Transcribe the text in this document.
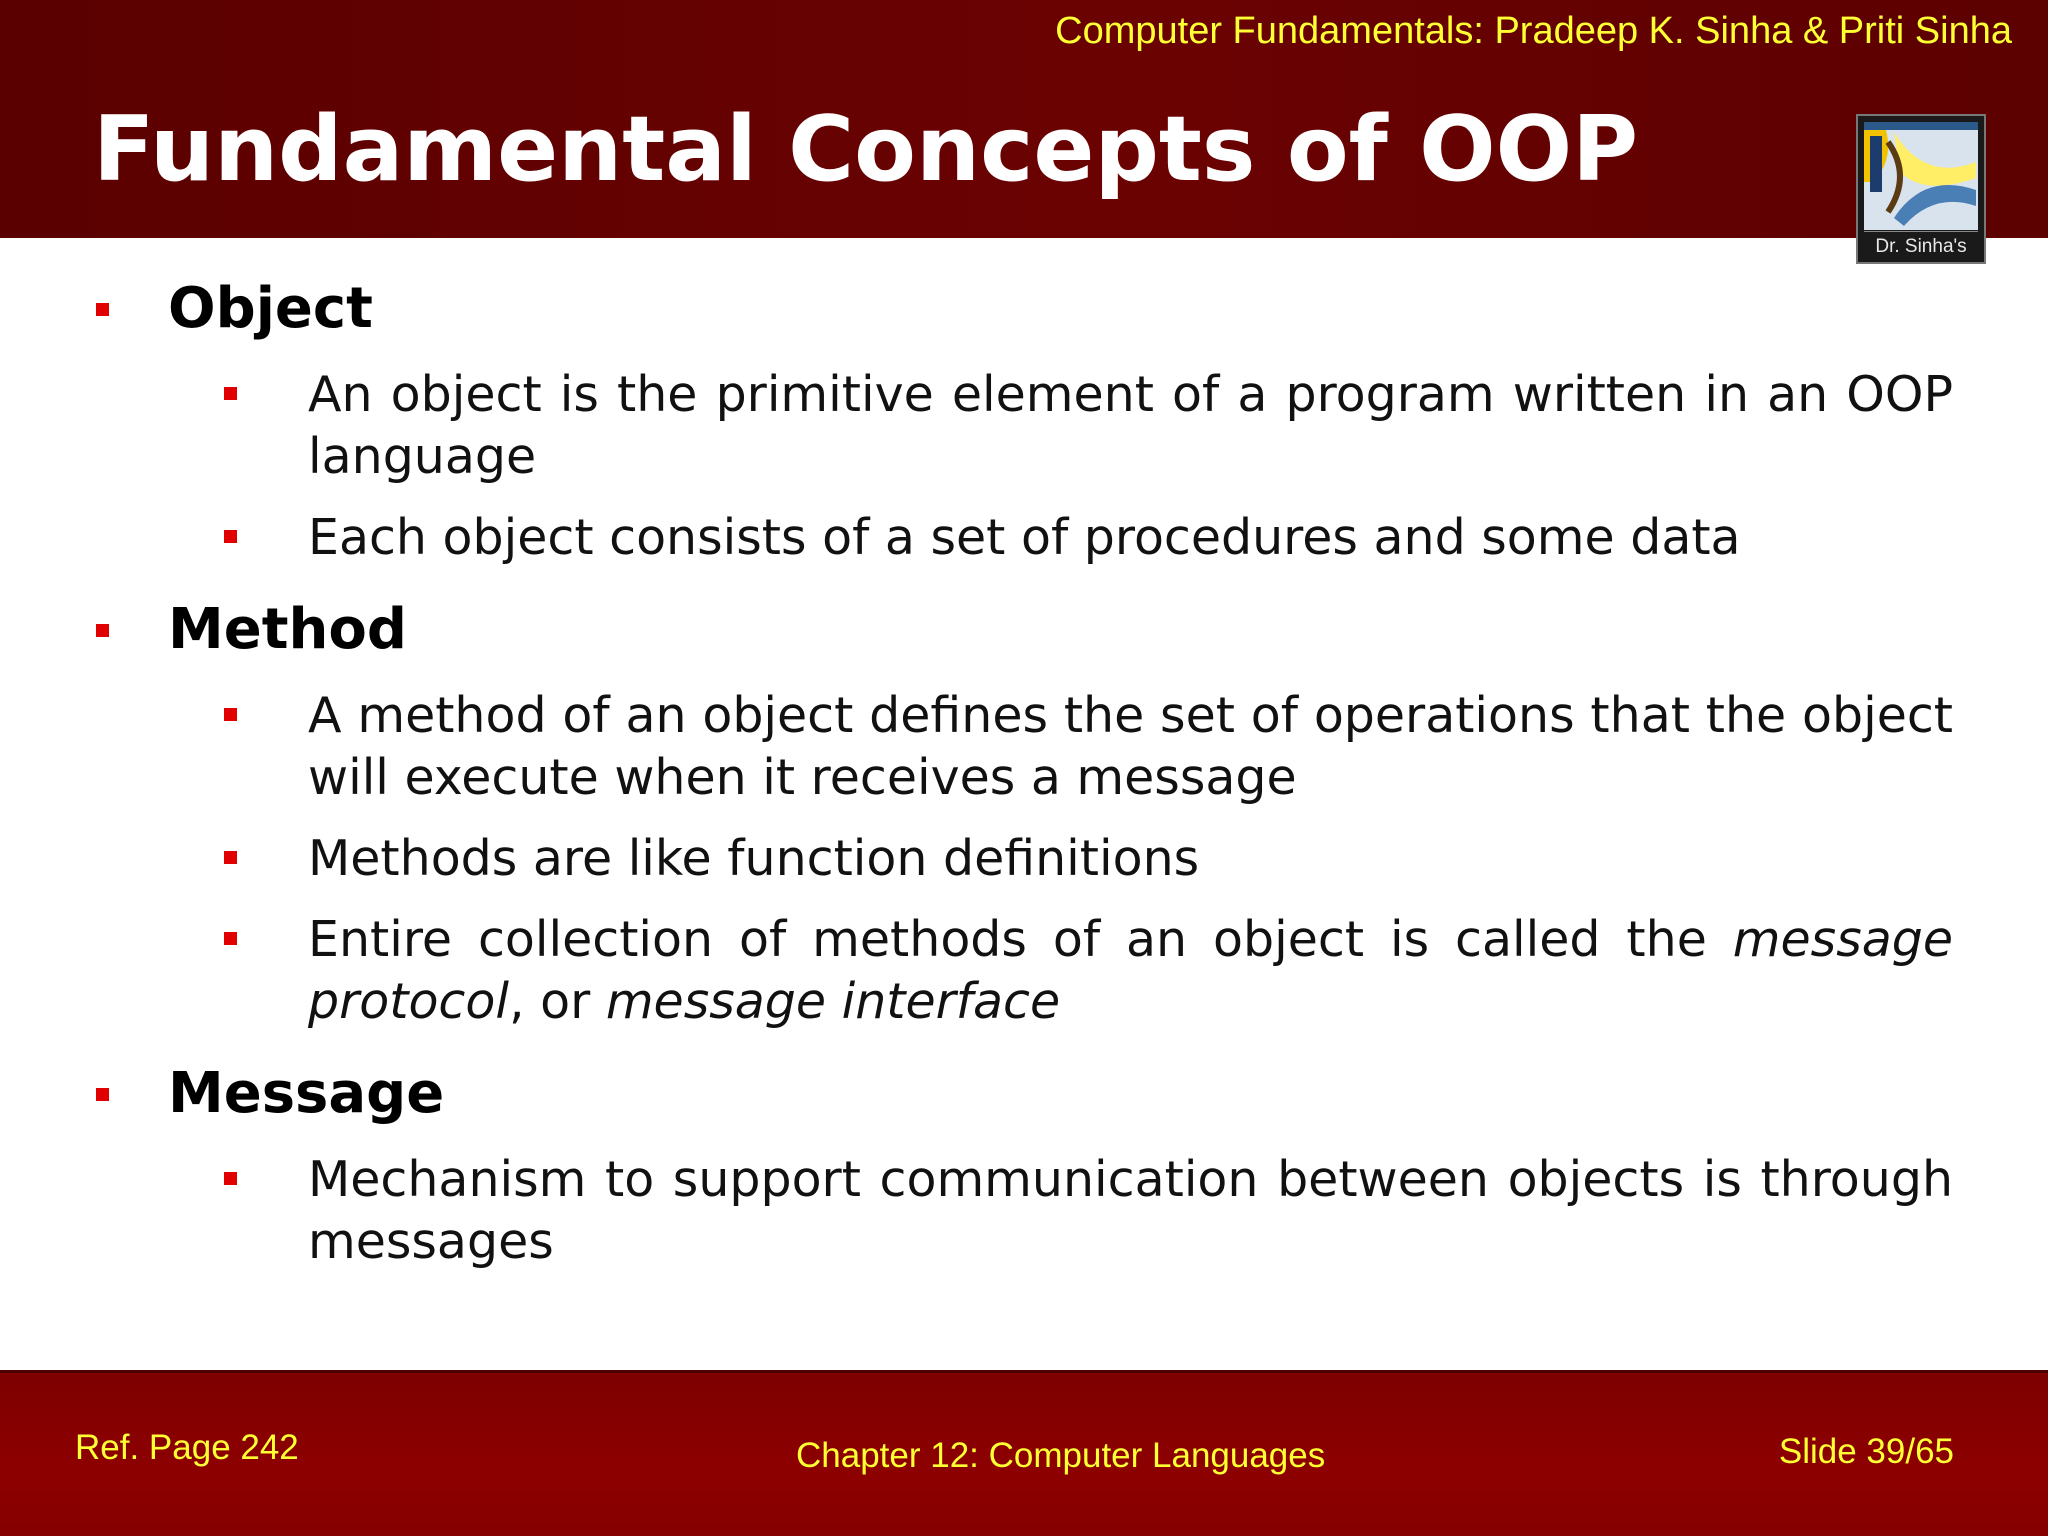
Computer Fundamentals: Pradeep K. Sinha & Priti Sinha
Fundamental Concepts of OOP
Dr. Sinha's
Object
An object is the primitive element of a program written in an OOP language
Each object consists of a set of procedures and some data
Method
A method of an object defines the set of operations that the object will execute when it receives a message
Methods are like function definitions
Entire collection of methods of an object is called the message protocol, or message interface
Message
Mechanism to support communication between objects is through messages
Ref. Page 242	Chapter 12: Computer Languages	Slide 39/65
